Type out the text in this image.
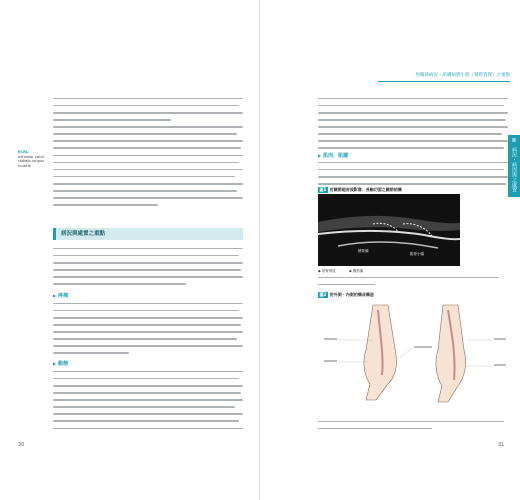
ECRL：
extensor carpi
radialis longus
muscle
病況與處置之重點
▶ 疼痛
▶ 動態
30
肘關節病況・結構病態生理（實際管理）之重點
II
病況・病因與之處置
▶ 肌肉、肌腱
圖1 肘關節超音波影像：長軸切面之關節結構
橈骨頭
肱骨小頭
◆ 前臂伸肌	◆ 關節囊
圖2 肘外側・內側的構成構造
31
